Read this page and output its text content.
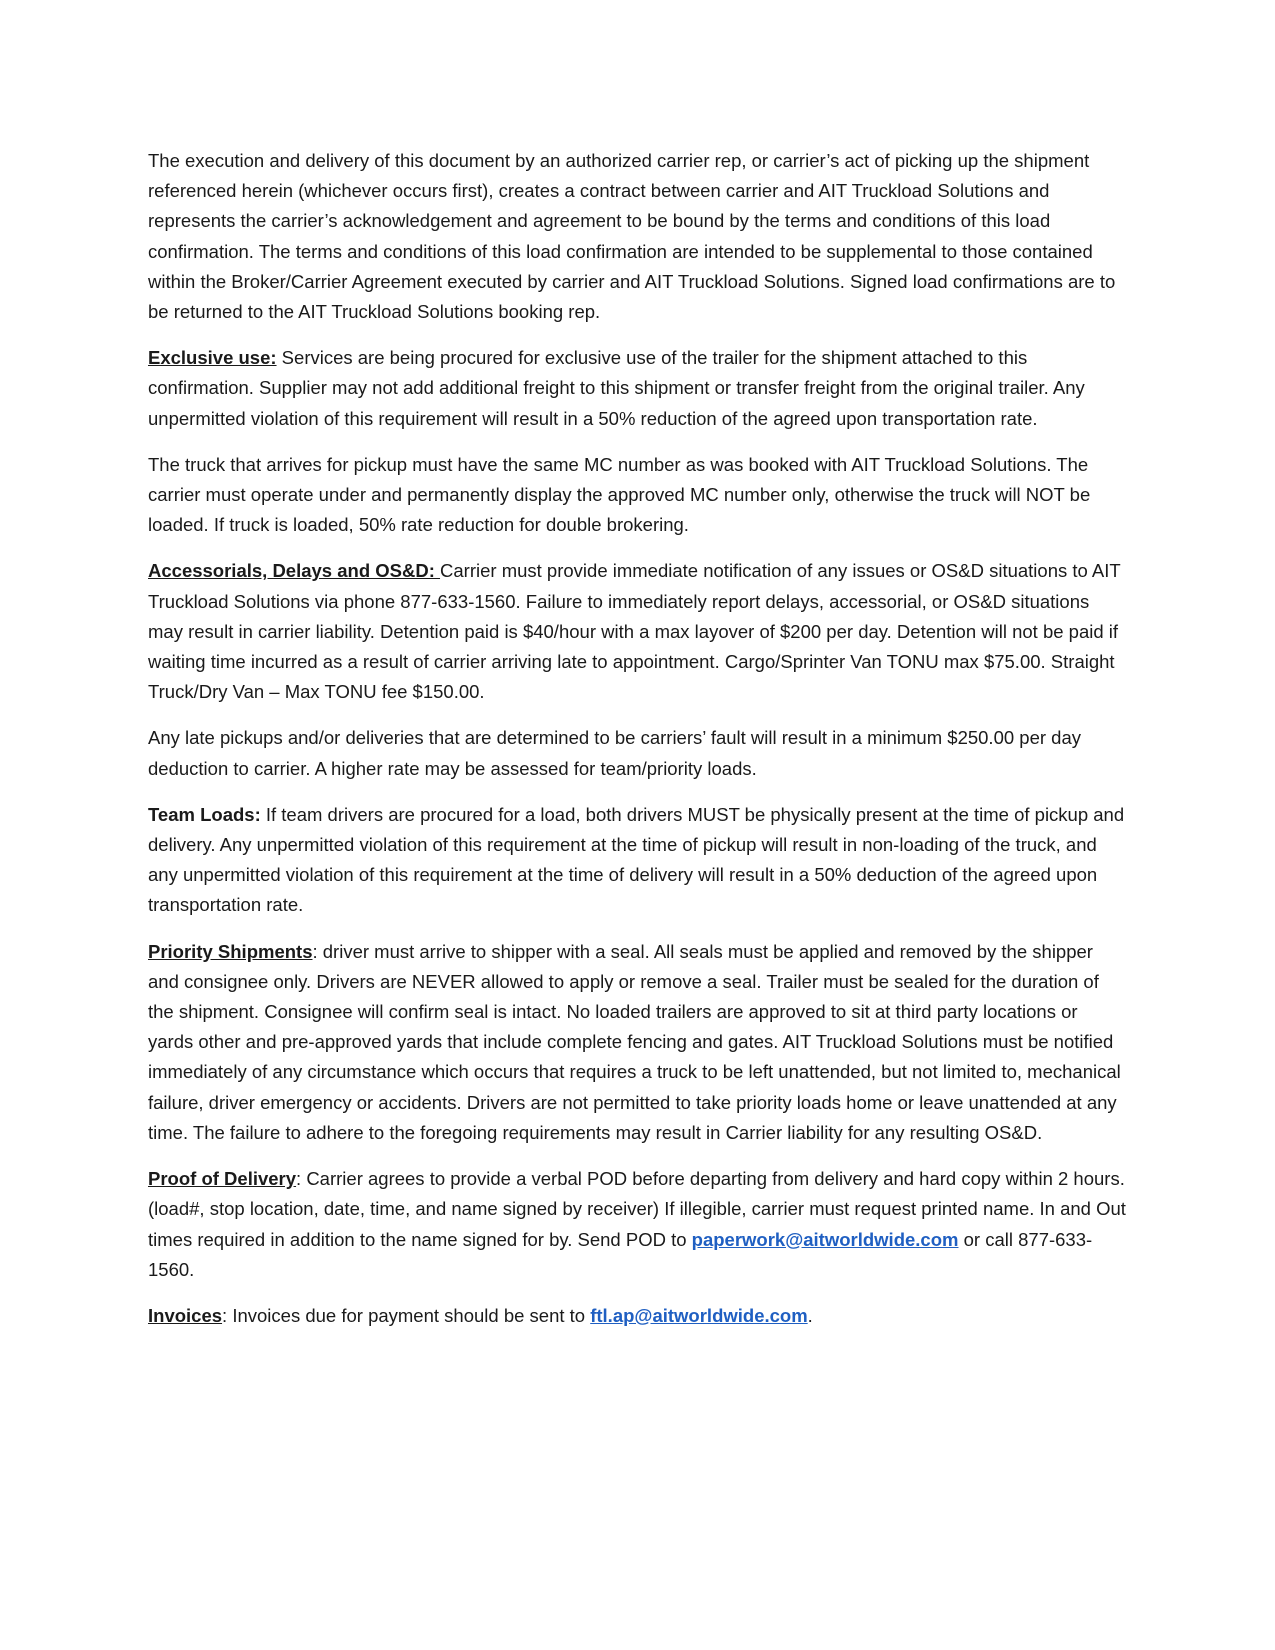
The execution and delivery of this document by an authorized carrier rep, or carrier’s act of picking up the shipment referenced herein (whichever occurs first), creates a contract between carrier and AIT Truckload Solutions and represents the carrier’s acknowledgement and agreement to be bound by the terms and conditions of this load confirmation. The terms and conditions of this load confirmation are intended to be supplemental to those contained within the Broker/Carrier Agreement executed by carrier and AIT Truckload Solutions. Signed load confirmations are to be returned to the AIT Truckload Solutions booking rep.

Exclusive use: Services are being procured for exclusive use of the trailer for the shipment attached to this confirmation. Supplier may not add additional freight to this shipment or transfer freight from the original trailer. Any unpermitted violation of this requirement will result in a 50% reduction of the agreed upon transportation rate.

The truck that arrives for pickup must have the same MC number as was booked with AIT Truckload Solutions. The carrier must operate under and permanently display the approved MC number only, otherwise the truck will NOT be loaded. If truck is loaded, 50% rate reduction for double brokering.

Accessorials, Delays and OS&D: Carrier must provide immediate notification of any issues or OS&D situations to AIT Truckload Solutions via phone 877-633-1560. Failure to immediately report delays, accessorial, or OS&D situations may result in carrier liability. Detention paid is $40/hour with a max layover of $200 per day. Detention will not be paid if waiting time incurred as a result of carrier arriving late to appointment. Cargo/Sprinter Van TONU max $75.00. Straight Truck/Dry Van – Max TONU fee $150.00.

Any late pickups and/or deliveries that are determined to be carriers’ fault will result in a minimum $250.00 per day deduction to carrier. A higher rate may be assessed for team/priority loads.

Team Loads: If team drivers are procured for a load, both drivers MUST be physically present at the time of pickup and delivery. Any unpermitted violation of this requirement at the time of pickup will result in non-loading of the truck, and any unpermitted violation of this requirement at the time of delivery will result in a 50% deduction of the agreed upon transportation rate.

Priority Shipments: driver must arrive to shipper with a seal. All seals must be applied and removed by the shipper and consignee only. Drivers are NEVER allowed to apply or remove a seal. Trailer must be sealed for the duration of the shipment. Consignee will confirm seal is intact. No loaded trailers are approved to sit at third party locations or yards other and pre-approved yards that include complete fencing and gates. AIT Truckload Solutions must be notified immediately of any circumstance which occurs that requires a truck to be left unattended, but not limited to, mechanical failure, driver emergency or accidents. Drivers are not permitted to take priority loads home or leave unattended at any time. The failure to adhere to the foregoing requirements may result in Carrier liability for any resulting OS&D.

Proof of Delivery: Carrier agrees to provide a verbal POD before departing from delivery and hard copy within 2 hours. (load#, stop location, date, time, and name signed by receiver) If illegible, carrier must request printed name. In and Out times required in addition to the name signed for by. Send POD to paperwork@aitworldwide.com or call 877-633-1560.

Invoices: Invoices due for payment should be sent to ftl.ap@aitworldwide.com.
